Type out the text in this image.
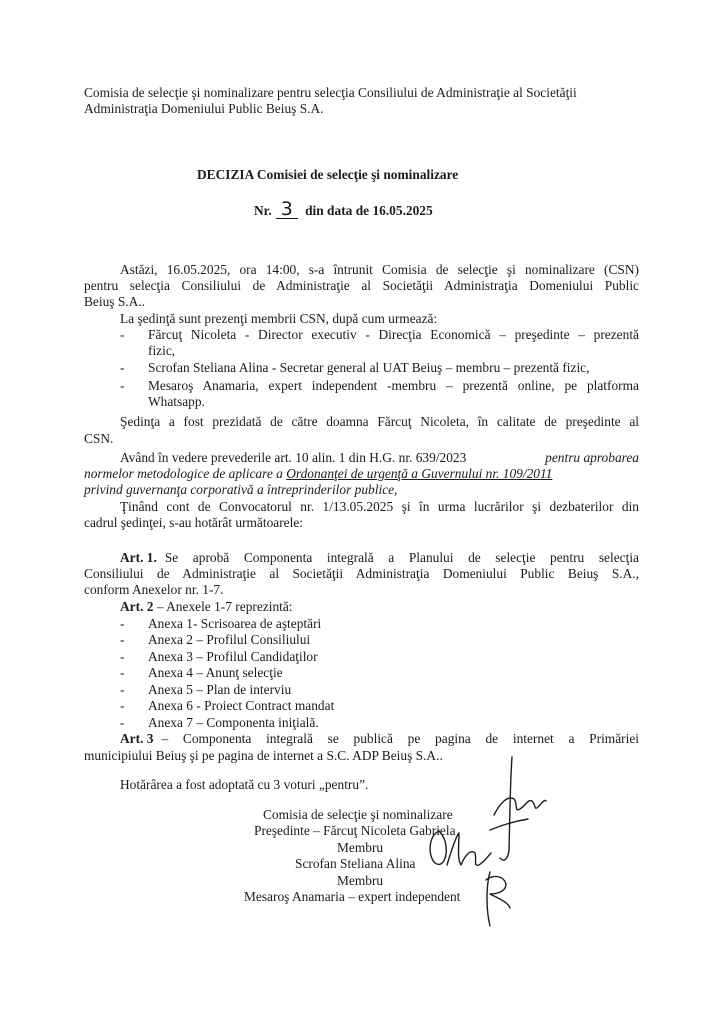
Comisia de selecţie şi nominalizare pentru selecţia Consiliului de Administraţie al Societăţii
Administraţia Domeniului Public Beiuş S.A.
DECIZIA Comisiei de selecţie şi nominalizare
Nr. 3 din data de 16.05.2025
Astăzi, 16.05.2025, ora 14:00, s-a întrunit Comisia de selecţie şi nominalizare (CSN)
pentru selecţia Consiliului de Administraţie al Societăţii Administraţia Domeniului Public
Beiuş S.A..
La şedinţă sunt prezenţi membrii CSN, după cum urmează:
- Fărcuţ Nicoleta - Director executiv - Direcţia Economică – preşedinte – prezentă
fizic,
- Scrofan Steliana Alina - Secretar general al UAT Beiuş – membru – prezentă fizic,
- Mesaroş Anamaria, expert independent -membru – prezentă online, pe platforma
Whatsapp.
Şedinţa a fost prezidată de către doamna Fărcuţ Nicoleta, în calitate de preşedinte al
CSN.
Având în vedere prevederile art. 10 alin. 1 din H.G. nr. 639/2023	pentru aprobarea
normelor metodologice de aplicare a Ordonanţei de urgenţă a Guvernului nr. 109/2011
privind guvernanţa corporativă a întreprinderilor publice,
Ţinând cont de Convocatorul nr. 1/13.05.2025 şi în urma lucrărilor şi dezbaterilor din
cadrul şedinţei, s-au hotărât următoarele:
Art. 1. Se aprobă Componenta integrală a Planului de selecţie pentru selecţia
Consiliului de Administraţie al Societăţii Administraţia Domeniului Public Beiuş S.A.,
conform Anexelor nr. 1-7.
Art. 2 – Anexele 1-7 reprezintă:
- Anexa 1- Scrisoarea de aşteptări
- Anexa 2 – Profilul Consiliului
- Anexa 3 – Profilul Candidaţilor
- Anexa 4 – Anunţ selecţie
- Anexa 5 – Plan de interviu
- Anexa 6 - Proiect Contract mandat
- Anexa 7 – Componenta iniţială.
Art. 3 – Componenta integrală se publică pe pagina de internet a Primăriei
municipiului Beiuş şi pe pagina de internet a S.C. ADP Beiuş S.A..
Hotărârea a fost adoptată cu 3 voturi „pentru”.
Comisia de selecţie şi nominalizare
Preşedinte – Fărcuţ Nicoleta Gabriela
Membru
Scrofan Steliana Alina
Membru
Mesaroş Anamaria – expert independent
